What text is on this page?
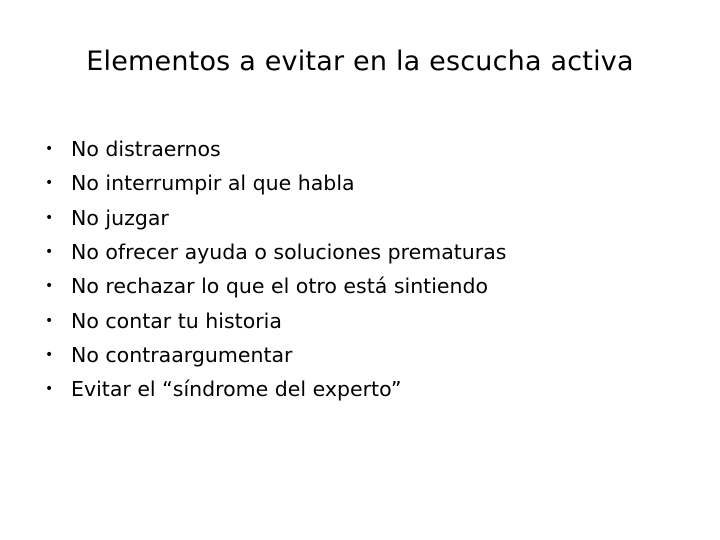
Elementos a evitar en la escucha activa
• No distraernos
• No interrumpir al que habla
• No juzgar
• No ofrecer ayuda o soluciones prematuras
• No rechazar lo que el otro está sintiendo
• No contar tu historia
• No contraargumentar
• Evitar el “síndrome del experto”
